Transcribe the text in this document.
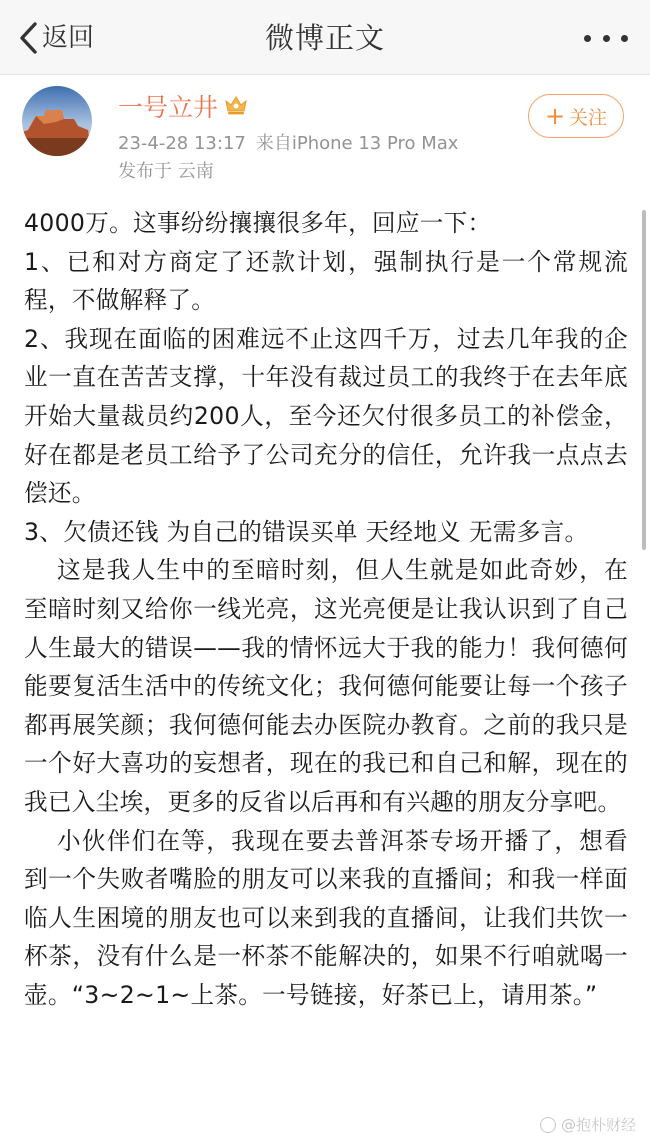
返回	微博正文
一号立井
23-4-28 13:17 来自iPhone 13 Pro Max
发布于 云南
+ 关注

4000万。这事纷纷攘攘很多年，回应一下：

1、已和对方商定了还款计划，强制执行是一个常规流程，不做解释了。

2、我现在面临的困难远不止这四千万，过去几年我的企业一直在苦苦支撑，十年没有裁过员工的我终于在去年底开始大量裁员约200人，至今还欠付很多员工的补偿金，好在都是老员工给予了公司充分的信任，允许我一点点去偿还。

3、欠债还钱 为自己的错误买单 天经地义 无需多言。

这是我人生中的至暗时刻，但人生就是如此奇妙，在至暗时刻又给你一线光亮，这光亮便是让我认识到了自己人生最大的错误——我的情怀远大于我的能力！我何德何能要复活生活中的传统文化；我何德何能要让每一个孩子都再展笑颜；我何德何能去办医院办教育。之前的我只是一个好大喜功的妄想者，现在的我已和自己和解，现在的我已入尘埃，更多的反省以后再和有兴趣的朋友分享吧。

小伙伴们在等，我现在要去普洱茶专场开播了，想看到一个失败者嘴脸的朋友可以来我的直播间；和我一样面临人生困境的朋友也可以来到我的直播间，让我们共饮一杯茶，没有什么是一杯茶不能解决的，如果不行咱就喝一壶。“3~2~1~上茶。一号链接，好茶已上，请用茶。”

@抱朴财经
